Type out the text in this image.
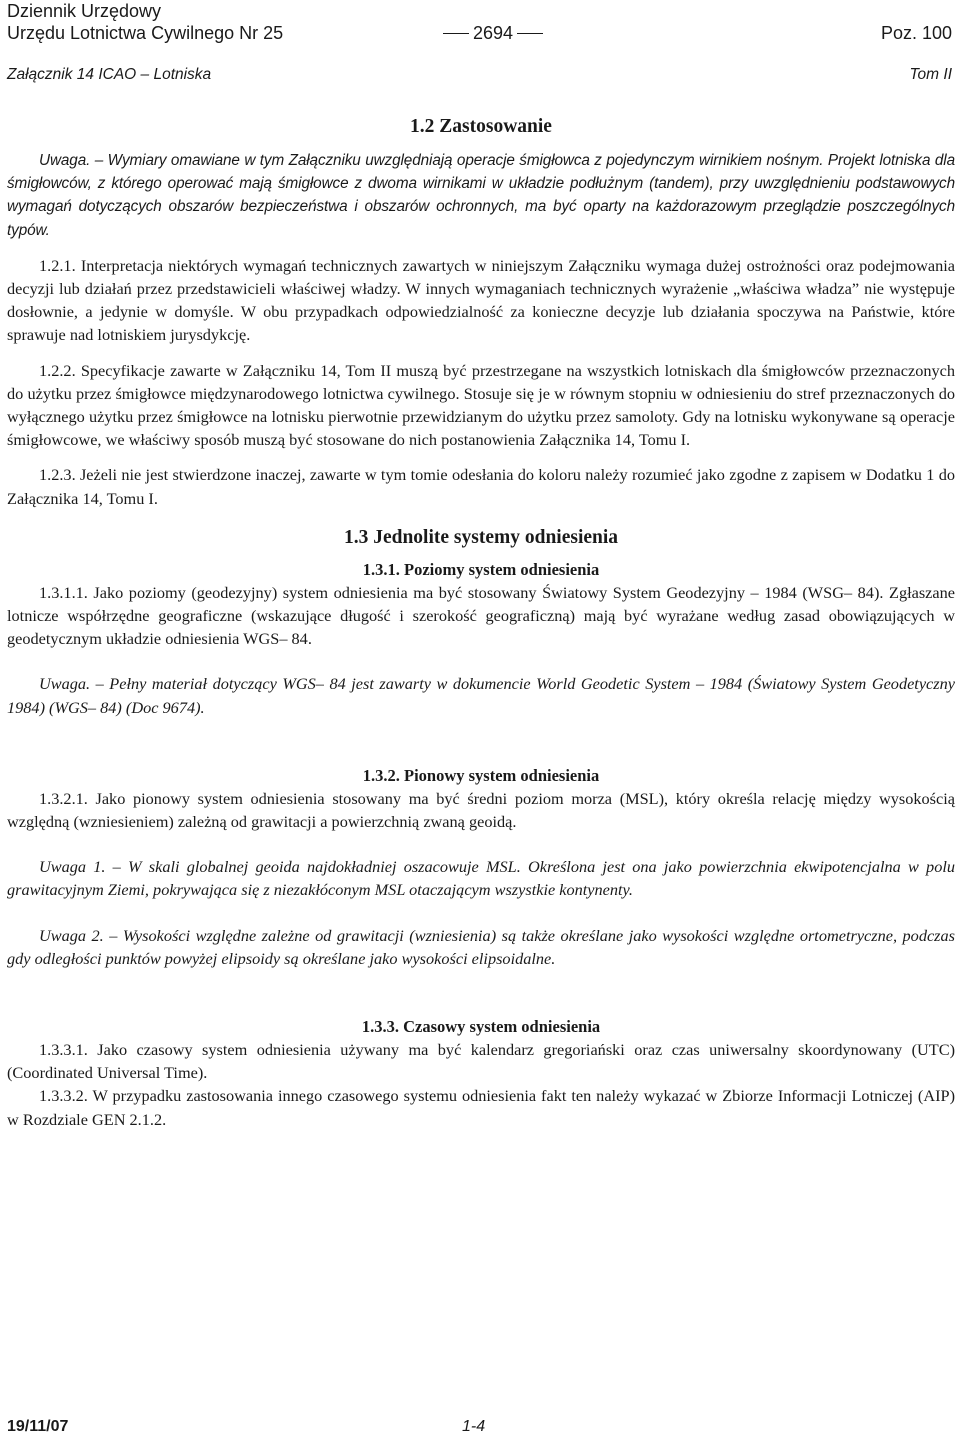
Dziennik Urzędowy
Urzędu Lotnictwa Cywilnego Nr 25	2694	Poz. 100
Załącznik 14 ICAO – Lotniska	Tom II
1.2 Zastosowanie

Uwaga. – Wymiary omawiane w tym Załączniku uwzględniają operacje śmigłowca z pojedynczym wirnikiem nośnym. Projekt lotniska dla śmigłowców, z którego operować mają śmigłowce z dwoma wirnikami w układzie podłużnym (tandem), przy uwzględnieniu podstawowych wymagań dotyczących obszarów bezpieczeństwa i obszarów ochronnych, ma być oparty na każdorazowym przeglądzie poszczególnych typów.

1.2.1. Interpretacja niektórych wymagań technicznych zawartych w niniejszym Załączniku wymaga dużej ostrożności oraz podejmowania decyzji lub działań przez przedstawicieli właściwej władzy. W innych wymaganiach technicznych wyrażenie „właściwa władza” nie występuje dosłownie, a jedynie w domyśle. W obu przypadkach odpowiedzialność za konieczne decyzje lub działania spoczywa na Państwie, które sprawuje nad lotniskiem jurysdykcję.

1.2.2. Specyfikacje zawarte w Załączniku 14, Tom II muszą być przestrzegane na wszystkich lotniskach dla śmigłowców przeznaczonych do użytku przez śmigłowce międzynarodowego lotnictwa cywilnego. Stosuje się je w równym stopniu w odniesieniu do stref przeznaczonych do wyłącznego użytku przez śmigłowce na lotnisku pierwotnie przewidzianym do użytku przez samoloty. Gdy na lotnisku wykonywane są operacje śmigłowcowe, we właściwy sposób muszą być stosowane do nich postanowienia Załącznika 14, Tomu I.

1.2.3. Jeżeli nie jest stwierdzone inaczej, zawarte w tym tomie odesłania do koloru należy rozumieć jako zgodne z zapisem w Dodatku 1 do Załącznika 14, Tomu I.

1.3 Jednolite systemy odniesienia
1.3.1. Poziomy system odniesienia

1.3.1.1. Jako poziomy (geodezyjny) system odniesienia ma być stosowany Światowy System Geodezyjny – 1984 (WSG– 84). Zgłaszane lotnicze współrzędne geograficzne (wskazujące długość i szerokość geograficzną) mają być wyrażane według zasad obowiązujących w geodetycznym układzie odniesienia WGS– 84.

Uwaga. – Pełny materiał dotyczący WGS– 84 jest zawarty w dokumencie World Geodetic System – 1984 (Światowy System Geodetyczny 1984) (WGS– 84) (Doc 9674).

1.3.2. Pionowy system odniesienia

1.3.2.1. Jako pionowy system odniesienia stosowany ma być średni poziom morza (MSL), który określa relację między wysokością względną (wzniesieniem) zależną od grawitacji a powierzchnią zwaną geoidą.

Uwaga 1. – W skali globalnej geoida najdokładniej oszacowuje MSL. Określona jest ona jako powierzchnia ekwipotencjalna w polu grawitacyjnym Ziemi, pokrywająca się z niezakłóconym MSL otaczającym wszystkie kontynenty.

Uwaga 2. – Wysokości względne zależne od grawitacji (wzniesienia) są także określane jako wysokości względne ortometryczne, podczas gdy odległości punktów powyżej elipsoidy są określane jako wysokości elipsoidalne.

1.3.3. Czasowy system odniesienia

1.3.3.1. Jako czasowy system odniesienia używany ma być kalendarz gregoriański oraz czas uniwersalny skoordynowany (UTC) (Coordinated Universal Time).

1.3.3.2. W przypadku zastosowania innego czasowego systemu odniesienia fakt ten należy wykazać w Zbiorze Informacji Lotniczej (AIP) w Rozdziale GEN 2.1.2.

19/11/07	1-4
